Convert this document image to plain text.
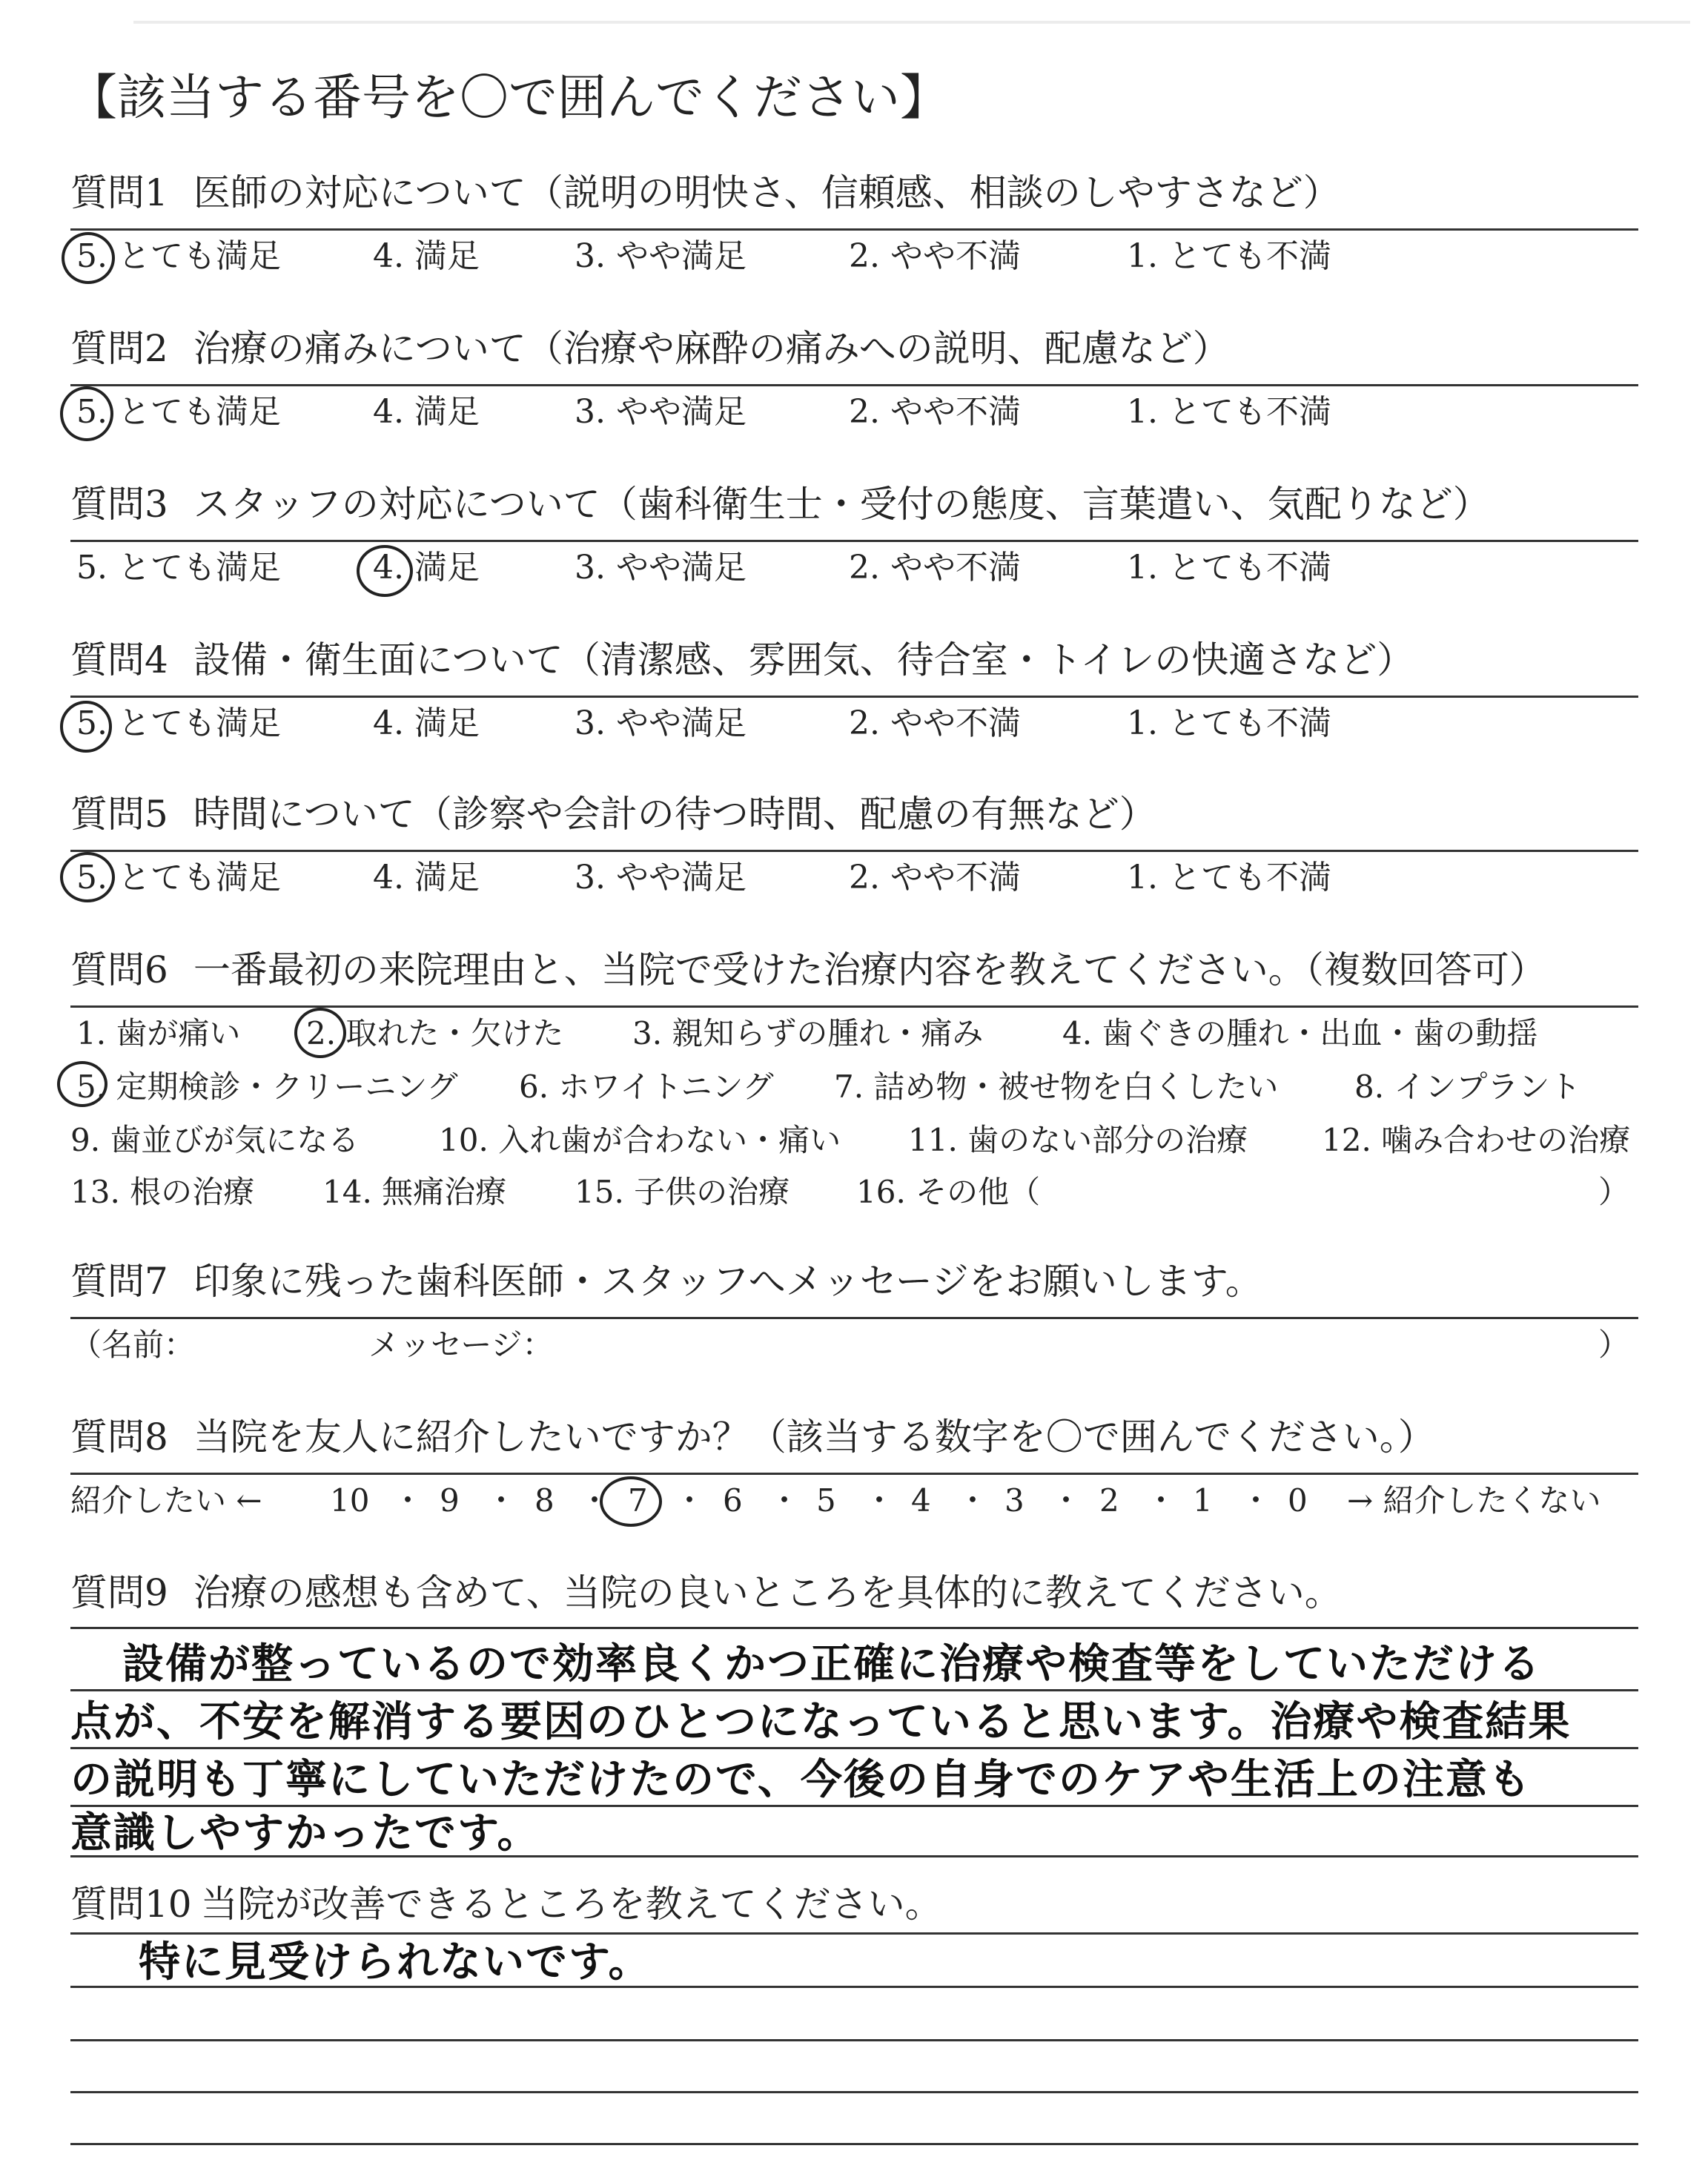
【該当する番号を〇で囲んでください】
質問1 医師の対応について（説明の明快さ、信頼感、相談のしやすさなど）
5. とても満足	4. 満足	3. やや満足	2. やや不満	1. とても不満
質問2 治療の痛みについて（治療や麻酔の痛みへの説明、配慮など）
5. とても満足	4. 満足	3. やや満足	2. やや不満	1. とても不満
質問3 スタッフの対応について（歯科衛生士・受付の態度、言葉遣い、気配りなど）
5. とても満足	4. 満足	3. やや満足	2. やや不満	1. とても不満
質問4 設備・衛生面について（清潔感、雰囲気、待合室・トイレの快適さなど）
5. とても満足	4. 満足	3. やや満足	2. やや不満	1. とても不満
質問5 時間について（診察や会計の待つ時間、配慮の有無など）
5. とても満足	4. 満足	3. やや満足	2. やや不満	1. とても不満
質問6 一番最初の来院理由と、当院で受けた治療内容を教えてください。（複数回答可）
1. 歯が痛い 2. 取れた・欠けた 3. 親知らずの腫れ・痛み	4. 歯ぐきの腫れ・出血・歯の動揺
5. 定期検診・クリーニング 6. ホワイトニング 7. 詰め物・被せ物を白くしたい 8. インプラント
9. 歯並びが気になる	10. 入れ歯が合わない・痛い 11. 歯のない部分の治療 12. 噛み合わせの治療
13. 根の治療 14. 無痛治療 15. 子供の治療 16. その他（	）
質問7 印象に残った歯科医師・スタッフへメッセージをお願いします。
（名前：	メッセージ：	）
質問8 当院を友人に紹介したいですか？（該当する数字を〇で囲んでください。）
紹介したい ← 10 ・ 9 ・ 8 ・ 7 ・ 6 ・ 5 ・ 4 ・ 3 ・ 2 ・ 1 ・ 0 → 紹介したくない
質問9 治療の感想も含めて、当院の良いところを具体的に教えてください。
設備が整っているので効率良くかつ正確に治療や検査等をしていただける
点が、不安を解消する要因のひとつになっていると思います。治療や検査結果
の説明も丁寧にしていただけたので、今後の自身でのケアや生活上の注意も
意識しやすかったです。
質問10 当院が改善できるところを教えてください。
特に見受けられないです。
